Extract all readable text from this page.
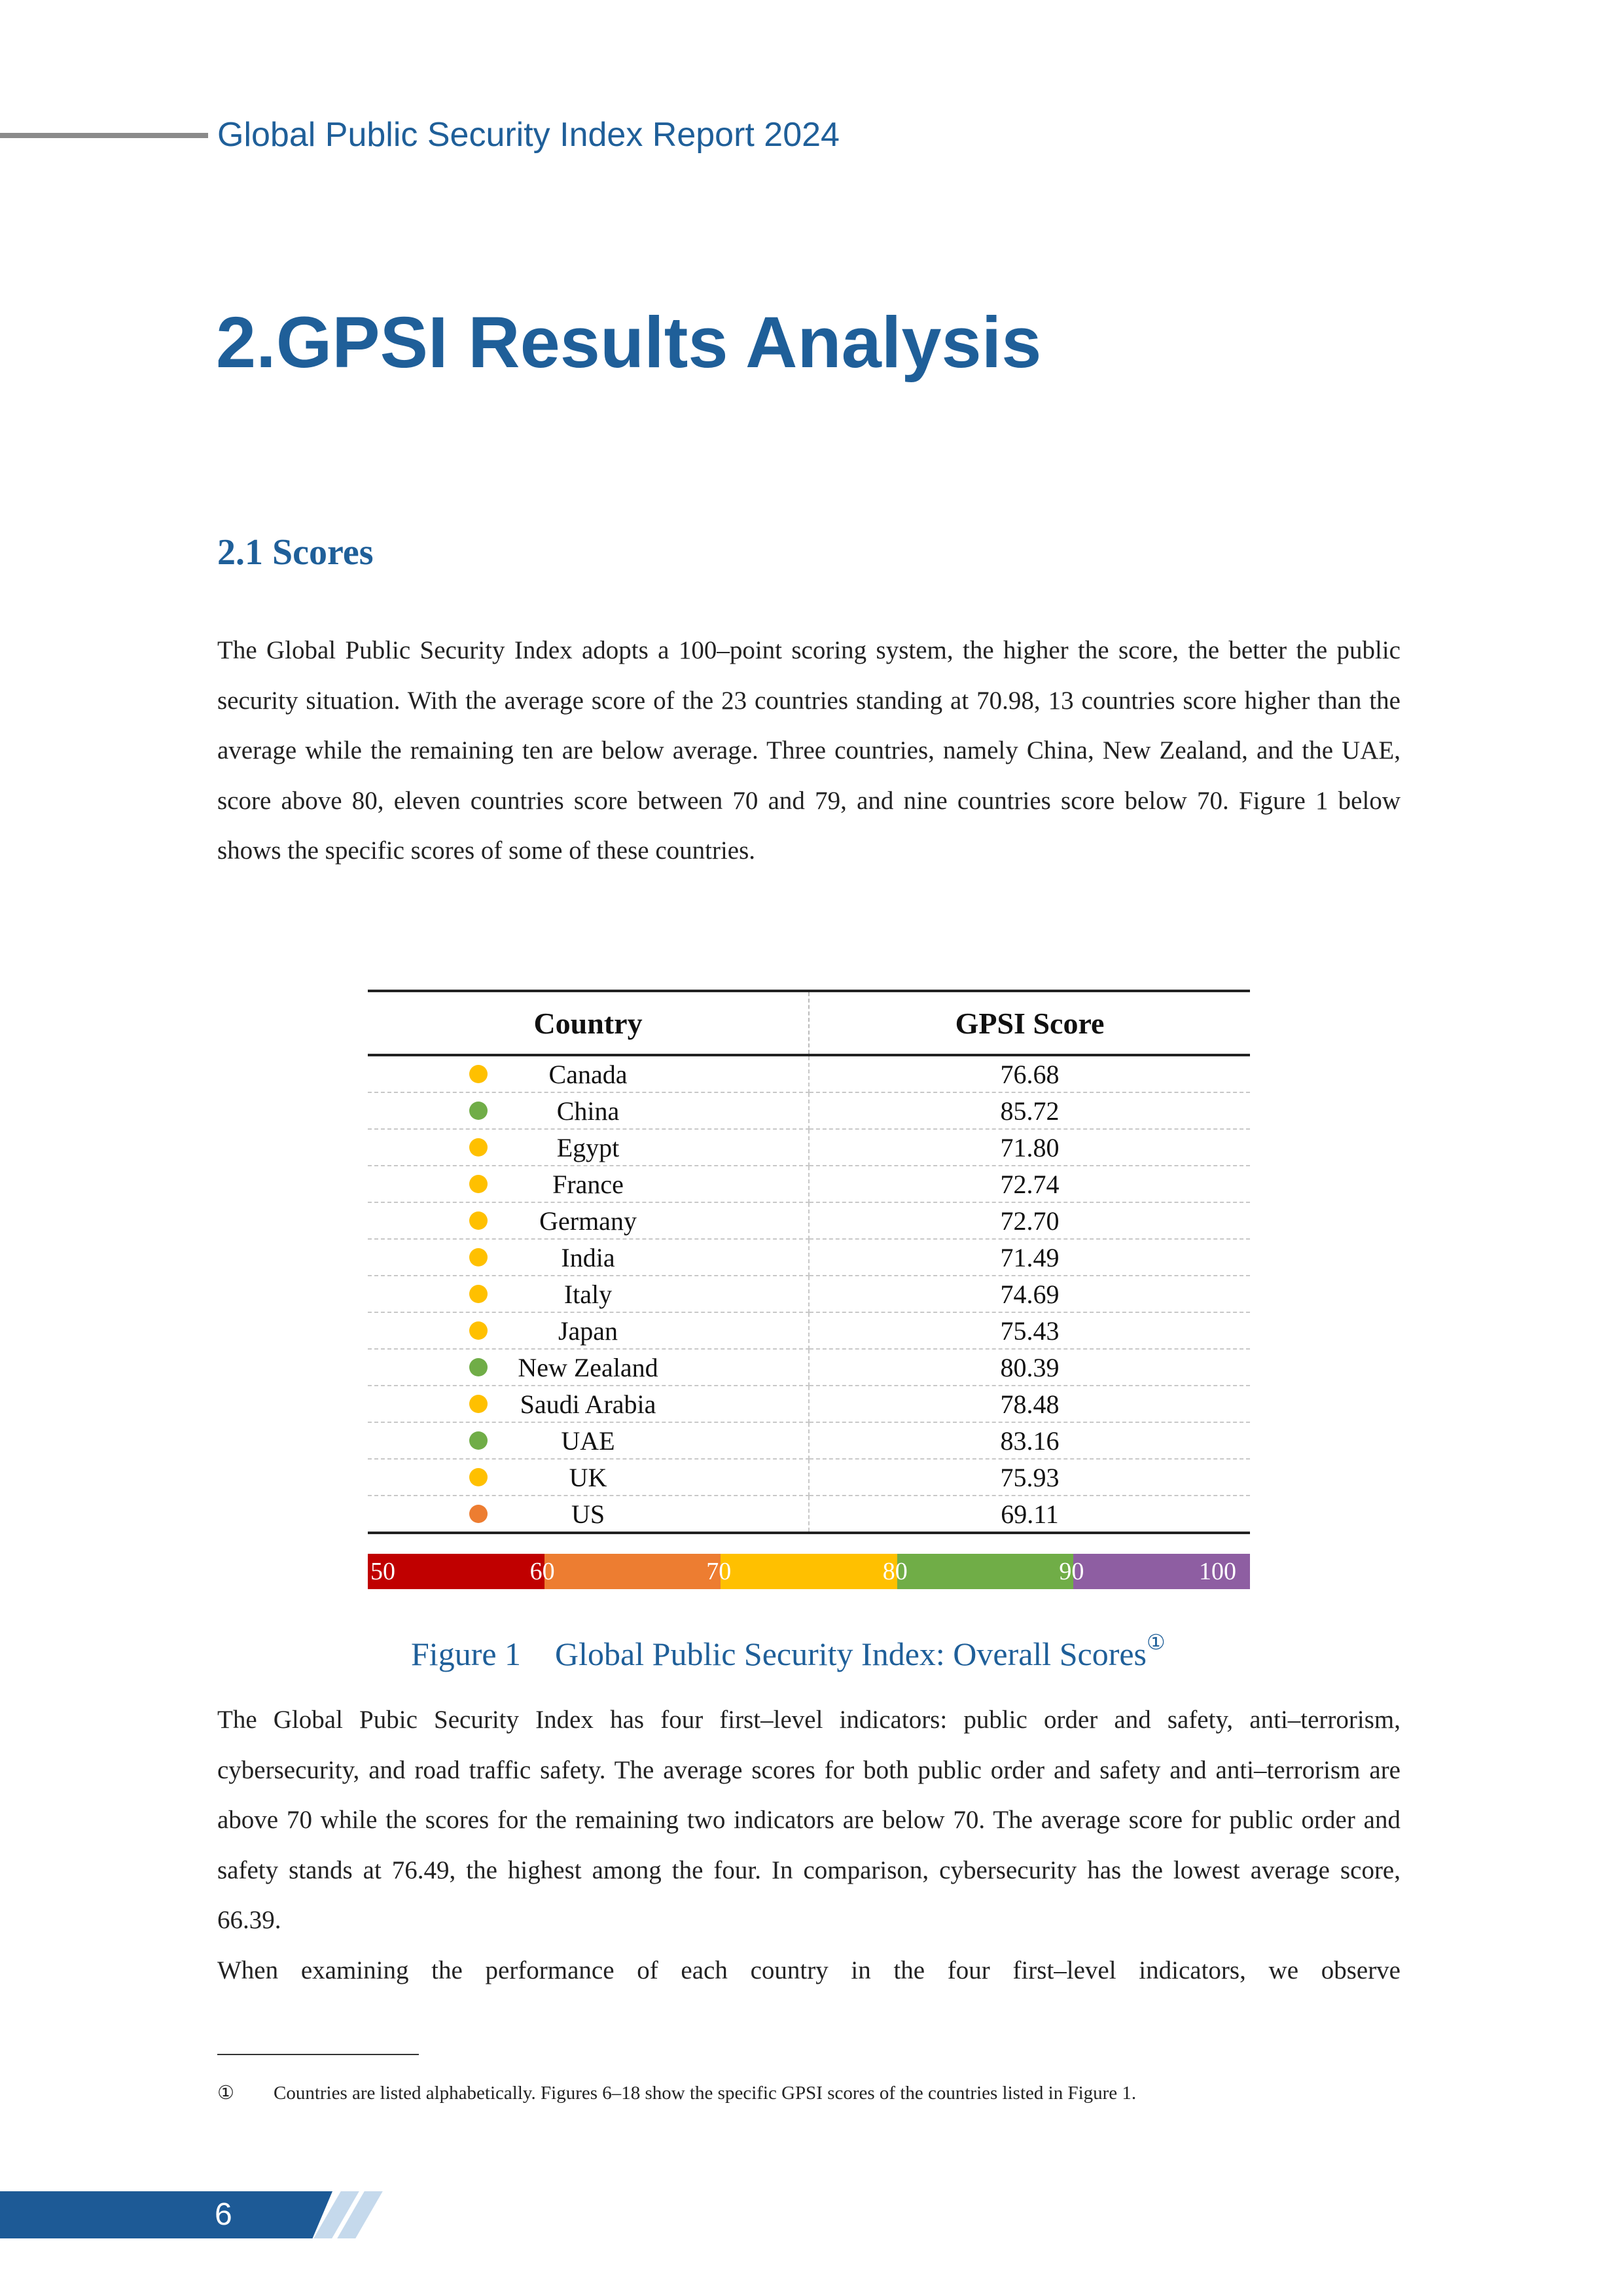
Global Public Security Index Report 2024
2.GPSI Results Analysis
2.1 Scores

The Global Public Security Index adopts a 100–point scoring system, the higher the score, the better the public security situation. With the average score of the 23 countries standing at 70.98, 13 countries score higher than the average while the remaining ten are below average. Three countries, namely China, New Zealand, and the UAE, score above 80, eleven countries score between 70 and 79, and nine countries score below 70. Figure 1 below shows the specific scores of some of these countries.

Country	GPSI Score

Canada	76.68

China	85.72

Egypt	71.80

France	72.74

Germany	72.70

India	71.49

Italy	74.69

Japan	75.43

New Zealand	80.39

Saudi Arabia	78.48

UAE	83.16

UK	75.93

US	69.11
50	60	70	80	90	100
Figure 1 Global Public Security Index: Overall Scores①

The Global Pubic Security Index has four first–level indicators: public order and safety, anti–terrorism, cybersecurity, and road traffic safety. The average scores for both public order and safety and anti–terrorism are above 70 while the scores for the remaining two indicators are below 70. The average score for public order and safety stands at 76.49, the highest among the four. In comparison, cybersecurity has the lowest average score, 66.39.

When examining the performance of each country in the four first–level indicators, we observe

① Countries are listed alphabetically. Figures 6–18 show the specific GPSI scores of the countries listed in Figure 1.
6
